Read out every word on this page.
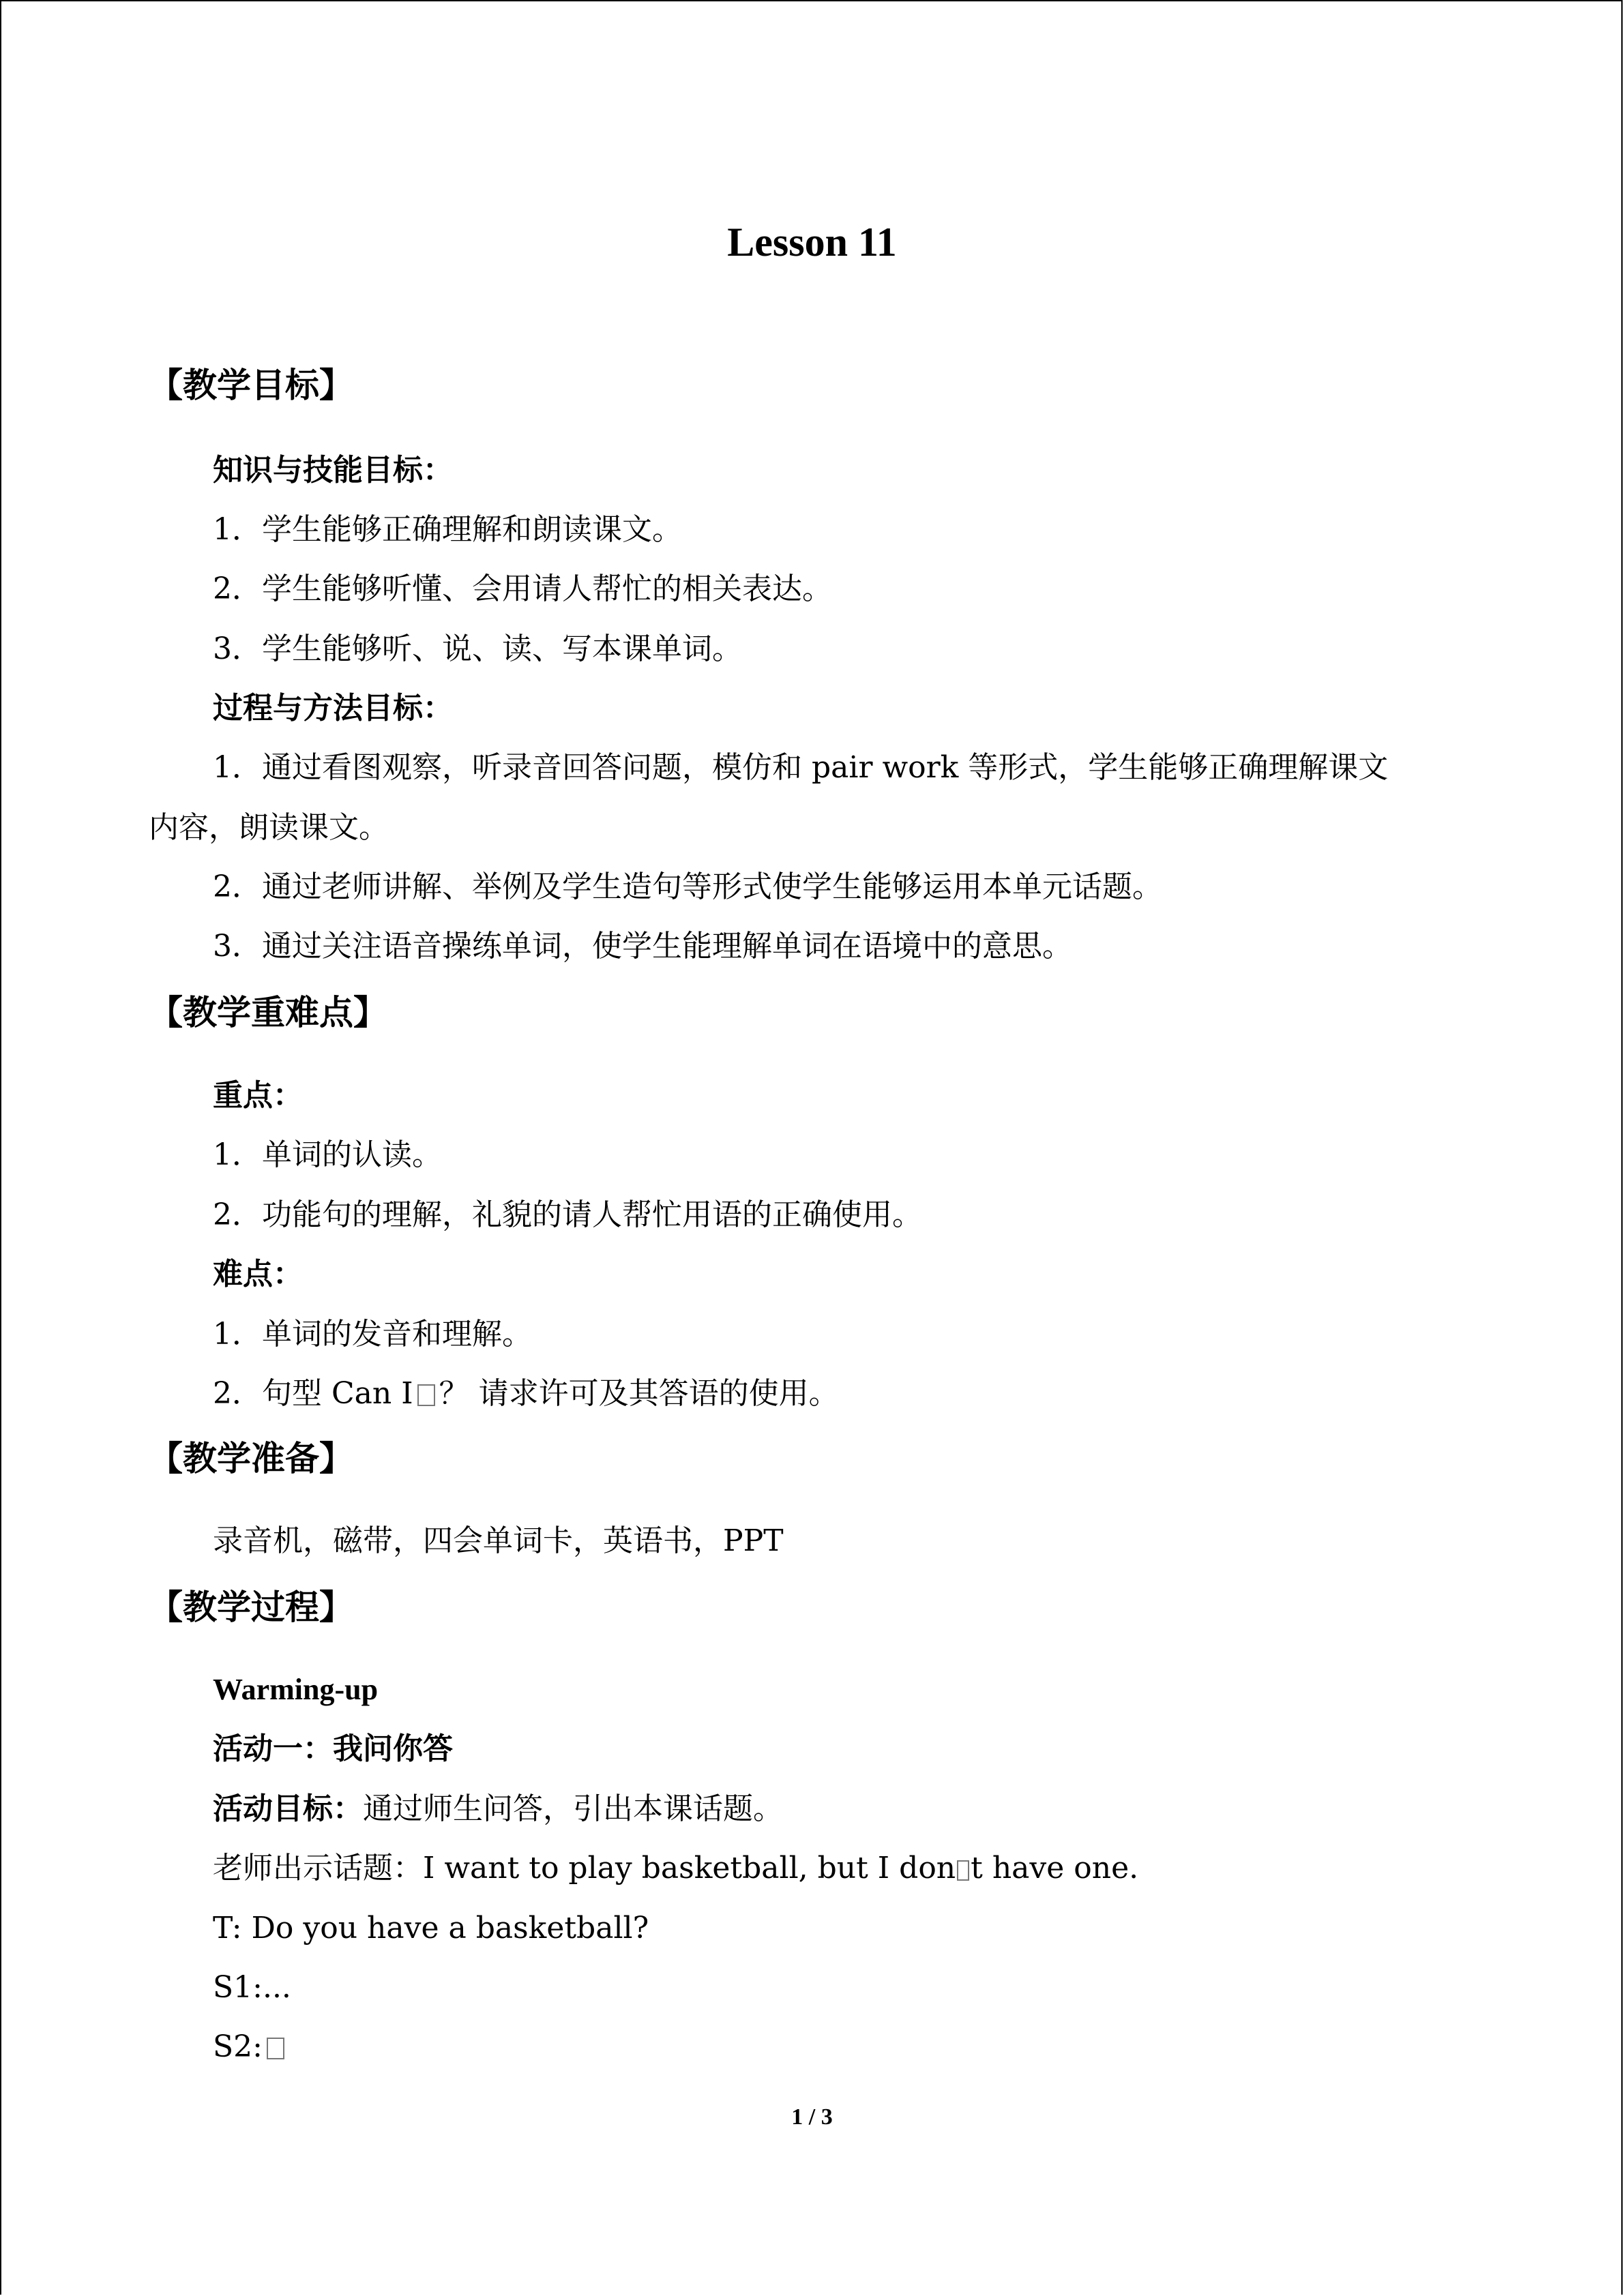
Lesson 11
【教学目标】
知识与技能目标：
1．学生能够正确理解和朗读课文。
2．学生能够听懂、会用请人帮忙的相关表达。
3．学生能够听、说、读、写本课单词。
过程与方法目标：
1．通过看图观察，听录音回答问题，模仿和 pair work 等形式，学生能够正确理解课文
内容，朗读课文。
2．通过老师讲解、举例及学生造句等形式使学生能够运用本单元话题。
3．通过关注语音操练单词，使学生能理解单词在语境中的意思。
【教学重难点】
重点：
1．单词的认读。
2．功能句的理解，礼貌的请人帮忙用语的正确使用。
难点：
1．单词的发音和理解。
2．句型 Can I ？ 请求许可及其答语的使用。
【教学准备】
录音机，磁带，四会单词卡，英语书，PPT
【教学过程】
Warming-up
活动一：我问你答
活动目标：通过师生问答，引出本课话题。
老师出示话题：I want to play basketball, but I don t have one.
T: Do you have a basketball?
S1:...
S2:
1 / 3
